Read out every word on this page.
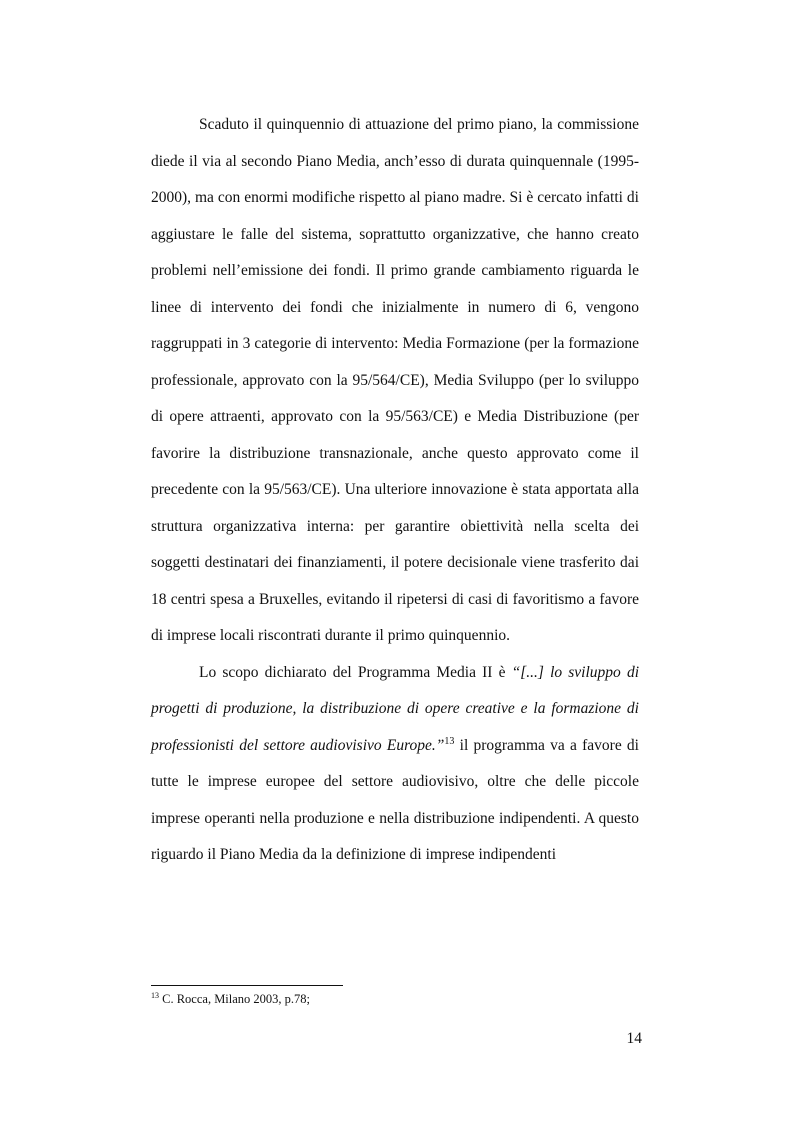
Scaduto il quinquennio di attuazione del primo piano, la commissione diede il via al secondo Piano Media, anch’esso di durata quinquennale (1995-2000), ma con enormi modifiche rispetto al piano madre. Si è cercato infatti di aggiustare le falle del sistema, soprattutto organizzative, che hanno creato problemi nell’emissione dei fondi. Il primo grande cambiamento riguarda le linee di intervento dei fondi che inizialmente in numero di 6, vengono raggruppati in 3 categorie di intervento: Media Formazione (per la formazione professionale, approvato con la 95/564/CE), Media Sviluppo (per lo sviluppo di opere attraenti, approvato con la 95/563/CE) e Media Distribuzione (per favorire la distribuzione transnazionale, anche questo approvato come il precedente con la 95/563/CE). Una ulteriore innovazione è stata apportata alla struttura organizzativa interna: per garantire obiettività nella scelta dei soggetti destinatari dei finanziamenti, il potere decisionale viene trasferito dai 18 centri spesa a Bruxelles, evitando il ripetersi di casi di favoritismo a favore di imprese locali riscontrati durante il primo quinquennio.

Lo scopo dichiarato del Programma Media II è “[...] lo sviluppo di progetti di produzione, la distribuzione di opere creative e la formazione di professionisti del settore audiovisivo Europe.”$^{13}$ il programma va a favore di tutte le imprese europee del settore audiovisivo, oltre che delle piccole imprese operanti nella produzione e nella distribuzione indipendenti. A questo riguardo il Piano Media da la definizione di imprese indipendenti

$^{13}$ C. Rocca, Milano 2003, p.78;
14
